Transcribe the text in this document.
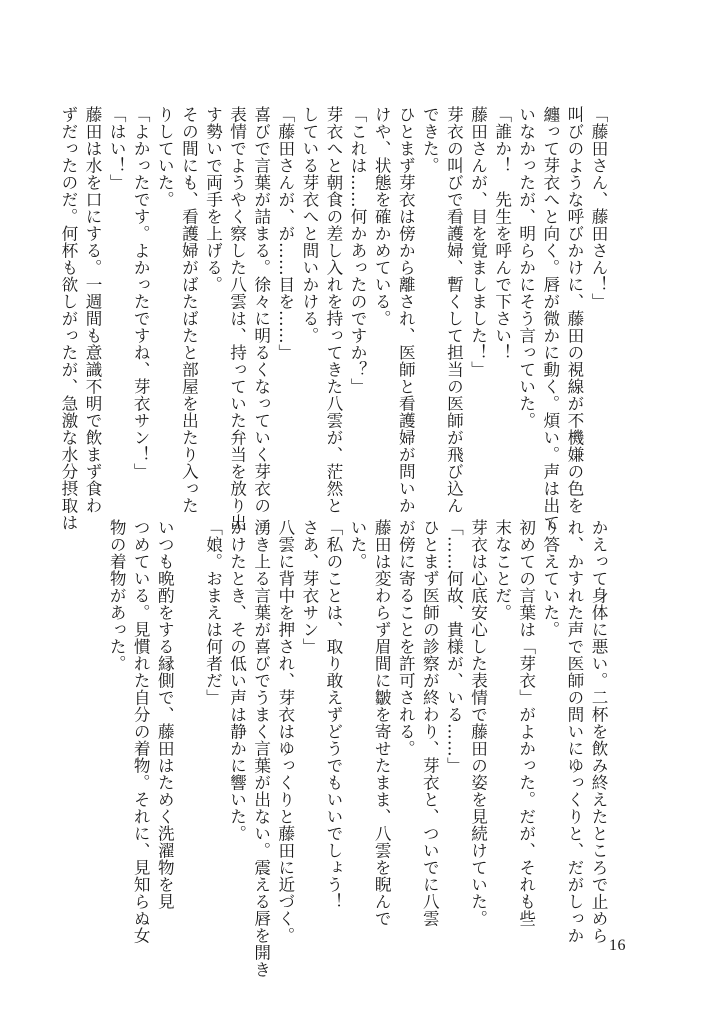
「藤田さん、藤田さん！」
叫びのような呼びかけに、藤田の視線が不機嫌の色を
纏って芽衣へと向く。唇が微かに動く。煩い。声は出て
いなかったが、明らかにそう言っていた。
「誰か！　先生を呼んで下さい！
藤田さんが、目を覚ましました！」
芽衣の叫びで看護婦、暫くして担当の医師が飛び込ん
できた。
ひとまず芽衣は傍から離され、医師と看護婦が問いか
けや、状態を確かめている。
「これは……何かあったのですか？」
芽衣へと朝食の差し入れを持ってきた八雲が、茫然と
している芽衣へと問いかける。
「藤田さんが、が……目を……」
喜びで言葉が詰まる。徐々に明るくなっていく芽衣の
表情でようやく察した八雲は、持っていた弁当を放り出
す勢いで両手を上げる。
その間にも、看護婦がばたばたと部屋を出たり入った
りしていた。
「よかったです。よかったですね、芽衣サン！」
「はい！」
藤田は水を口にする。一週間も意識不明で飲まず食わ
ずだったのだ。何杯も欲しがったが、急激な水分摂取は
かえって身体に悪い。二杯を飲み終えたところで止めら
れ、かすれた声で医師の問いにゆっくりと、だがしっか
り答えていた。
初めての言葉は「芽衣」がよかった。だが、それも些
末なことだ。
芽衣は心底安心した表情で藤田の姿を見続けていた。
「……何故、貴様が、いる……」
ひとまず医師の診察が終わり、芽衣と、ついでに八雲
が傍に寄ることを許可される。
藤田は変わらず眉間に皺を寄せたまま、八雲を睨んで
いた。
「私のことは、取り敢えずどうでもいいでしょう！
さあ、芽衣サン」
八雲に背中を押され、芽衣はゆっくりと藤田に近づく。
湧き上る言葉が喜びでうまく言葉が出ない。震える唇を開き
かけたとき、その低い声は静かに響いた。
「娘。おまえは何者だ」
いつも晩酌をする縁側で、藤田はためく洗濯物を見
つめている。見慣れた自分の着物。それに、見知らぬ女
物の着物があった。
16
